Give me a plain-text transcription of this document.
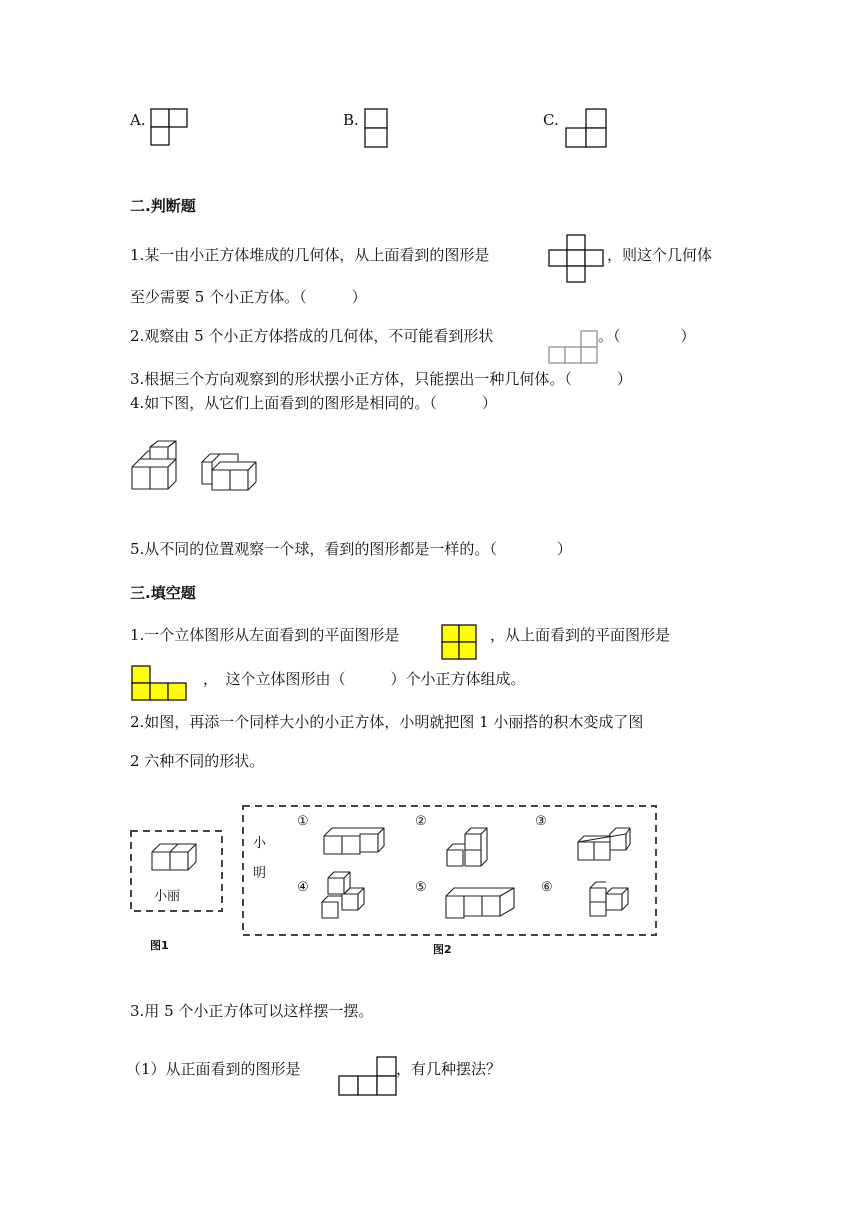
A.	B.	C.
二.判断题
1.某一由小正方体堆成的几何体，从上面看到的图形是	，则这个几何体
至少需要 5 个小正方体。（　　　）
2.观察由 5 个小正方体搭成的几何体，不可能看到形状	。（　　　　）
3.根据三个方向观察到的形状摆小正方体，只能摆出一种几何体。（　　　）
4.如下图，从它们上面看到的图形是相同的。（　　　）
5.从不同的位置观察一个球，看到的图形都是一样的。（　　　　）
三.填空题
1.一个立体图形从左面看到的平面图形是	，从上面看到的平面图形是
，　这个立体图形由（　　　）个小正方体组成。
2.如图，再添一个同样大小的小正方体，小明就把图 1 小丽搭的积木变成了图
2 六种不同的形状。
小丽
图1
小
明
①	②	③
④	⑤	⑥
图2
3.用 5 个小正方体可以这样摆一摆。
（1）从正面看到的图形是	，有几种摆法？
